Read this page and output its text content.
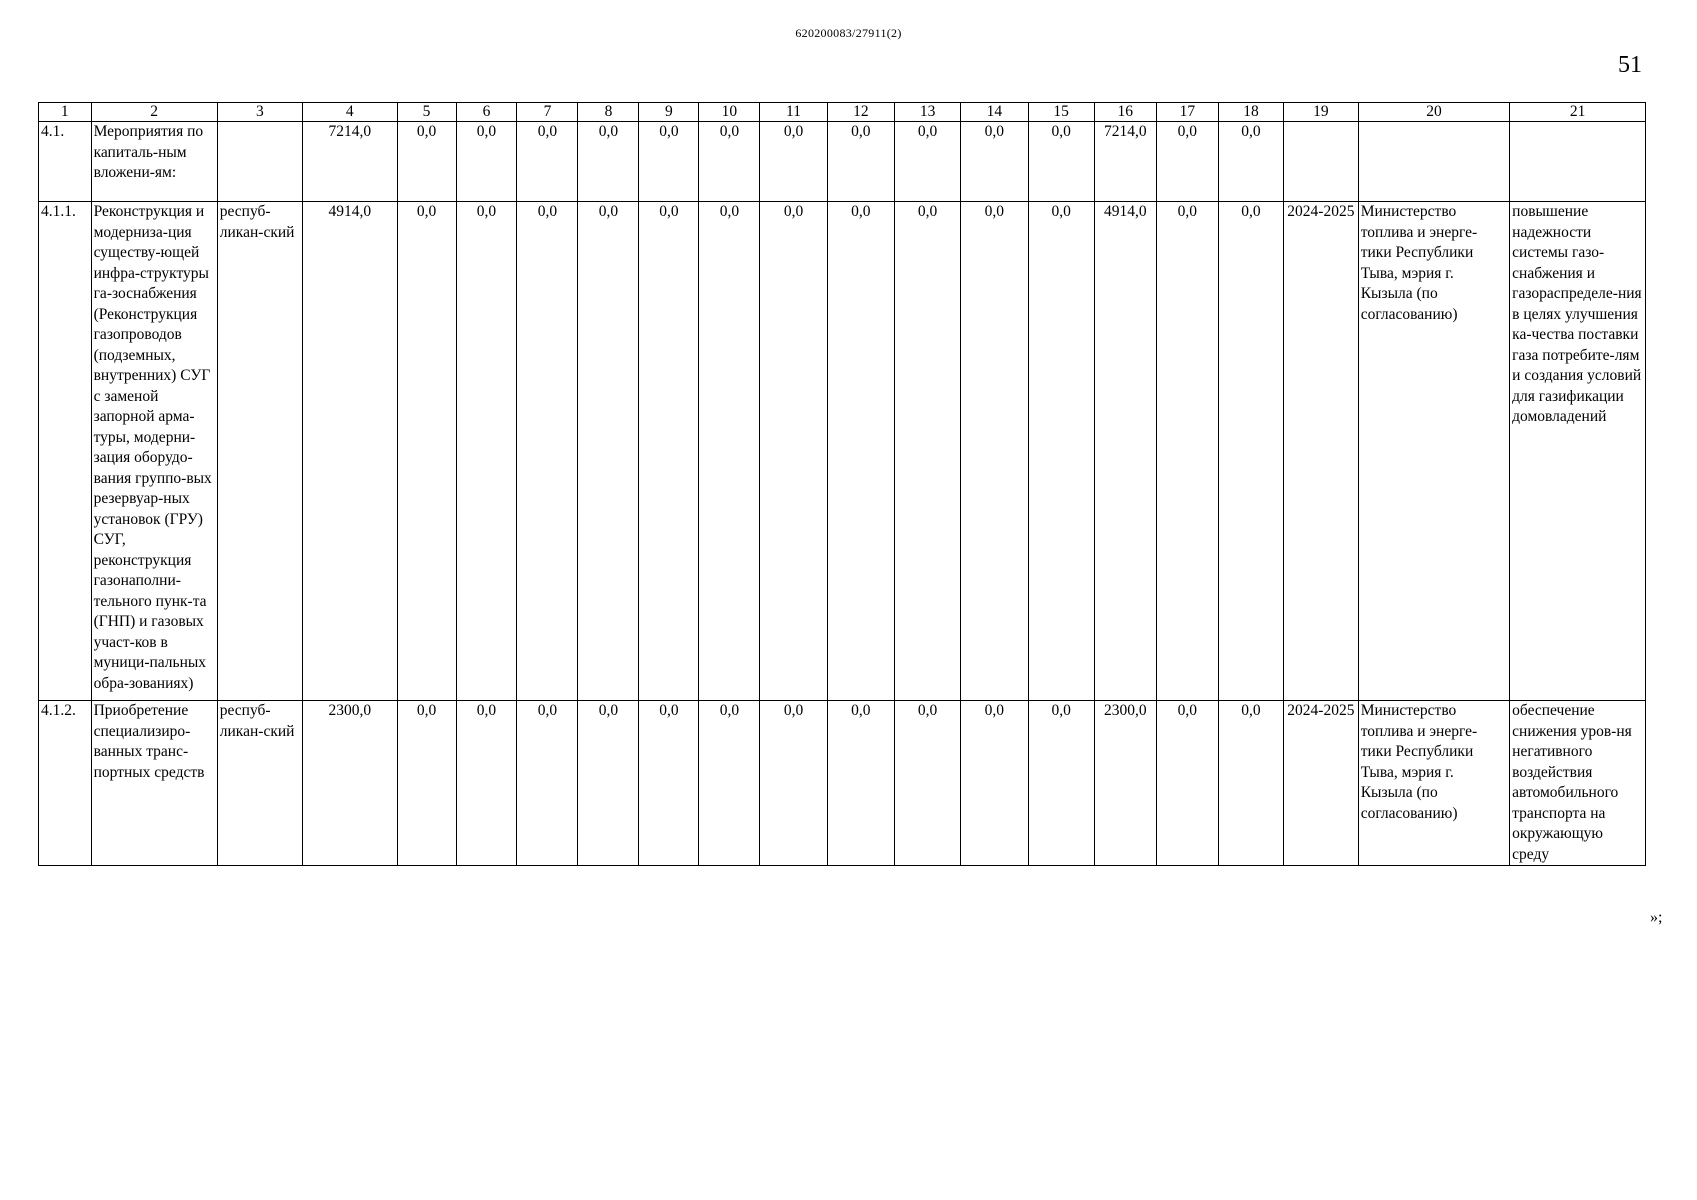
620200083/27911(2)
51
1	2	3	4	5	6	7	8	9	10	11	12	13	14	15	16	17	18	19	20	21
4.1.	Мероприятия по капиталь-ным вложени-ям:		7214,0	0,0	0,0	0,0	0,0	0,0	0,0	0,0	0,0	0,0	0,0	0,0	7214,0	0,0	0,0			
4.1.1.	Реконструкция и модерниза-ция существу-ющей инфра-структуры га-зоснабжения (Реконструкция газопроводов (подземных, внутренних) СУГ с заменой запорной арма-туры, модерни-зация оборудо-вания группо-вых резервуар-ных установок (ГРУ) СУГ, реконструкция газонаполни-тельного пунк-та (ГНП) и газовых участ-ков в муници-пальных обра-зованиях)	респуб-ликан-ский	4914,0	0,0	0,0	0,0	0,0	0,0	0,0	0,0	0,0	0,0	0,0	0,0	4914,0	0,0	0,0	2024-2025	Министерство топлива и энерге-тики Республики Тыва, мэрия г. Кызыла (по согласованию)	повышение надежности системы газо-снабжения и газораспределе-ния в целях улучшения ка-чества поставки газа потребите-лям и создания условий для газификации домовладений
4.1.2.	Приобретение специализиро-ванных транс-портных средств	респуб-ликан-ский	2300,0	0,0	0,0	0,0	0,0	0,0	0,0	0,0	0,0	0,0	0,0	0,0	2300,0	0,0	0,0	2024-2025	Министерство топлива и энерге-тики Республики Тыва, мэрия г. Кызыла (по согласованию)	обеспечение снижения уров-ня негативного воздействия автомобильного транспорта на окружающую среду
»;
